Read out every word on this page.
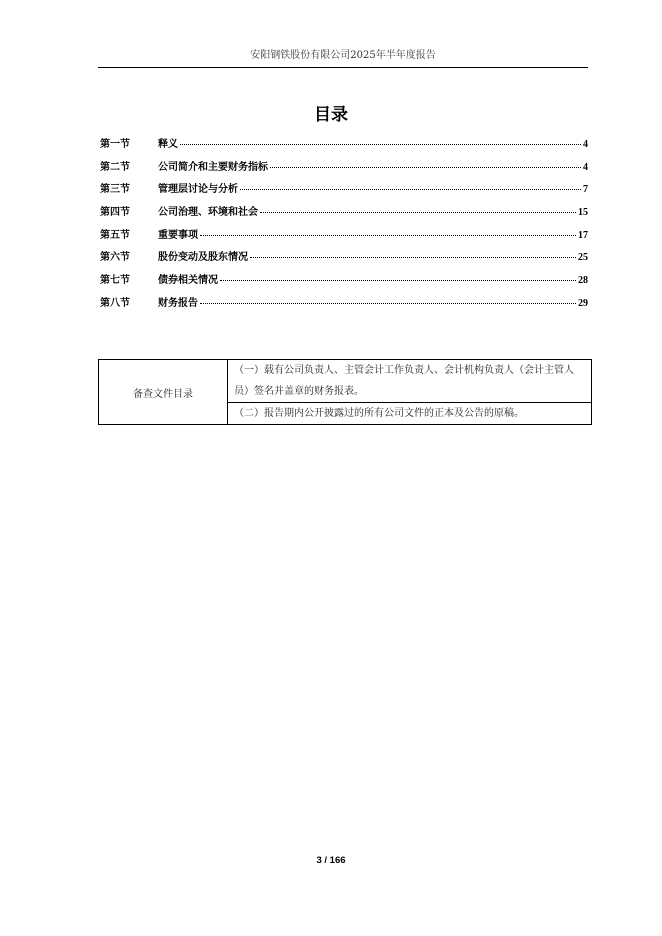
安阳钢铁股份有限公司2025年半年度报告
目录
第一节	释义	4
第二节	公司简介和主要财务指标	4
第三节	管理层讨论与分析	7
第四节	公司治理、环境和社会	15
第五节	重要事项	17
第六节	股份变动及股东情况	25
第七节	债券相关情况	28
第八节	财务报告	29
备查文件目录	（一）载有公司负责人、主管会计工作负责人、会计机构负责人（会计主管人员）签名并盖章的财务报表。
（二）报告期内公开披露过的所有公司文件的正本及公告的原稿。
3 / 166
